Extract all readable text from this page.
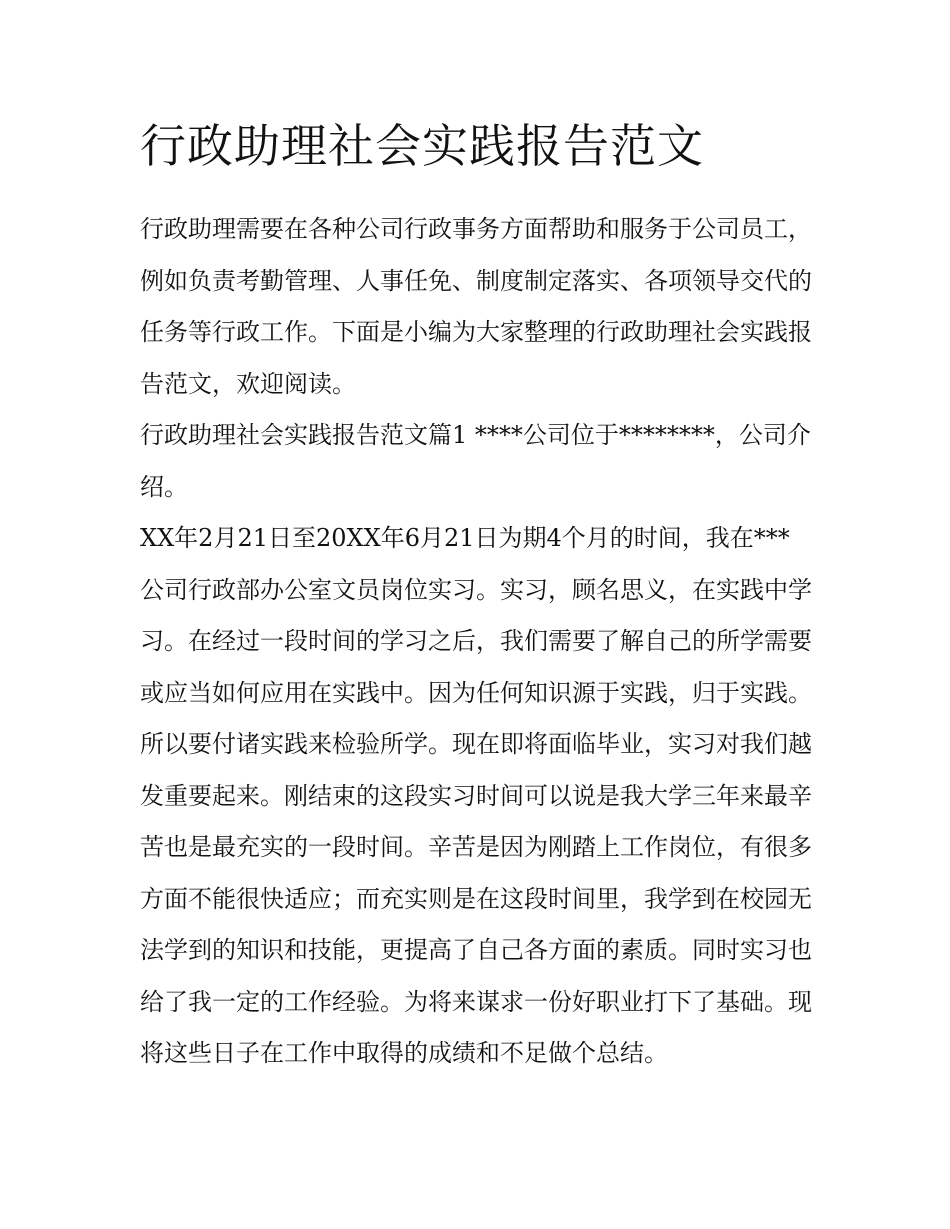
行政助理社会实践报告范文

行政助理需要在各种公司行政事务方面帮助和服务于公司员工，例如负责考勤管理、人事任免、制度制定落实、各项领导交代的任务等行政工作。下面是小编为大家整理的行政助理社会实践报告范文，欢迎阅读。

行政助理社会实践报告范文篇1 ****公司位于********，公司介绍。

XX年2月21日至20XX年6月21日为期4个月的时间，我在***公司行政部办公室文员岗位实习。实习，顾名思义，在实践中学习。在经过一段时间的学习之后，我们需要了解自己的所学需要或应当如何应用在实践中。因为任何知识源于实践，归于实践。所以要付诸实践来检验所学。现在即将面临毕业，实习对我们越发重要起来。刚结束的这段实习时间可以说是我大学三年来最辛苦也是最充实的一段时间。辛苦是因为刚踏上工作岗位，有很多方面不能很快适应；而充实则是在这段时间里，我学到在校园无法学到的知识和技能，更提高了自己各方面的素质。同时实习也给了我一定的工作经验。为将来谋求一份好职业打下了基础。现将这些日子在工作中取得的成绩和不足做个总结。
